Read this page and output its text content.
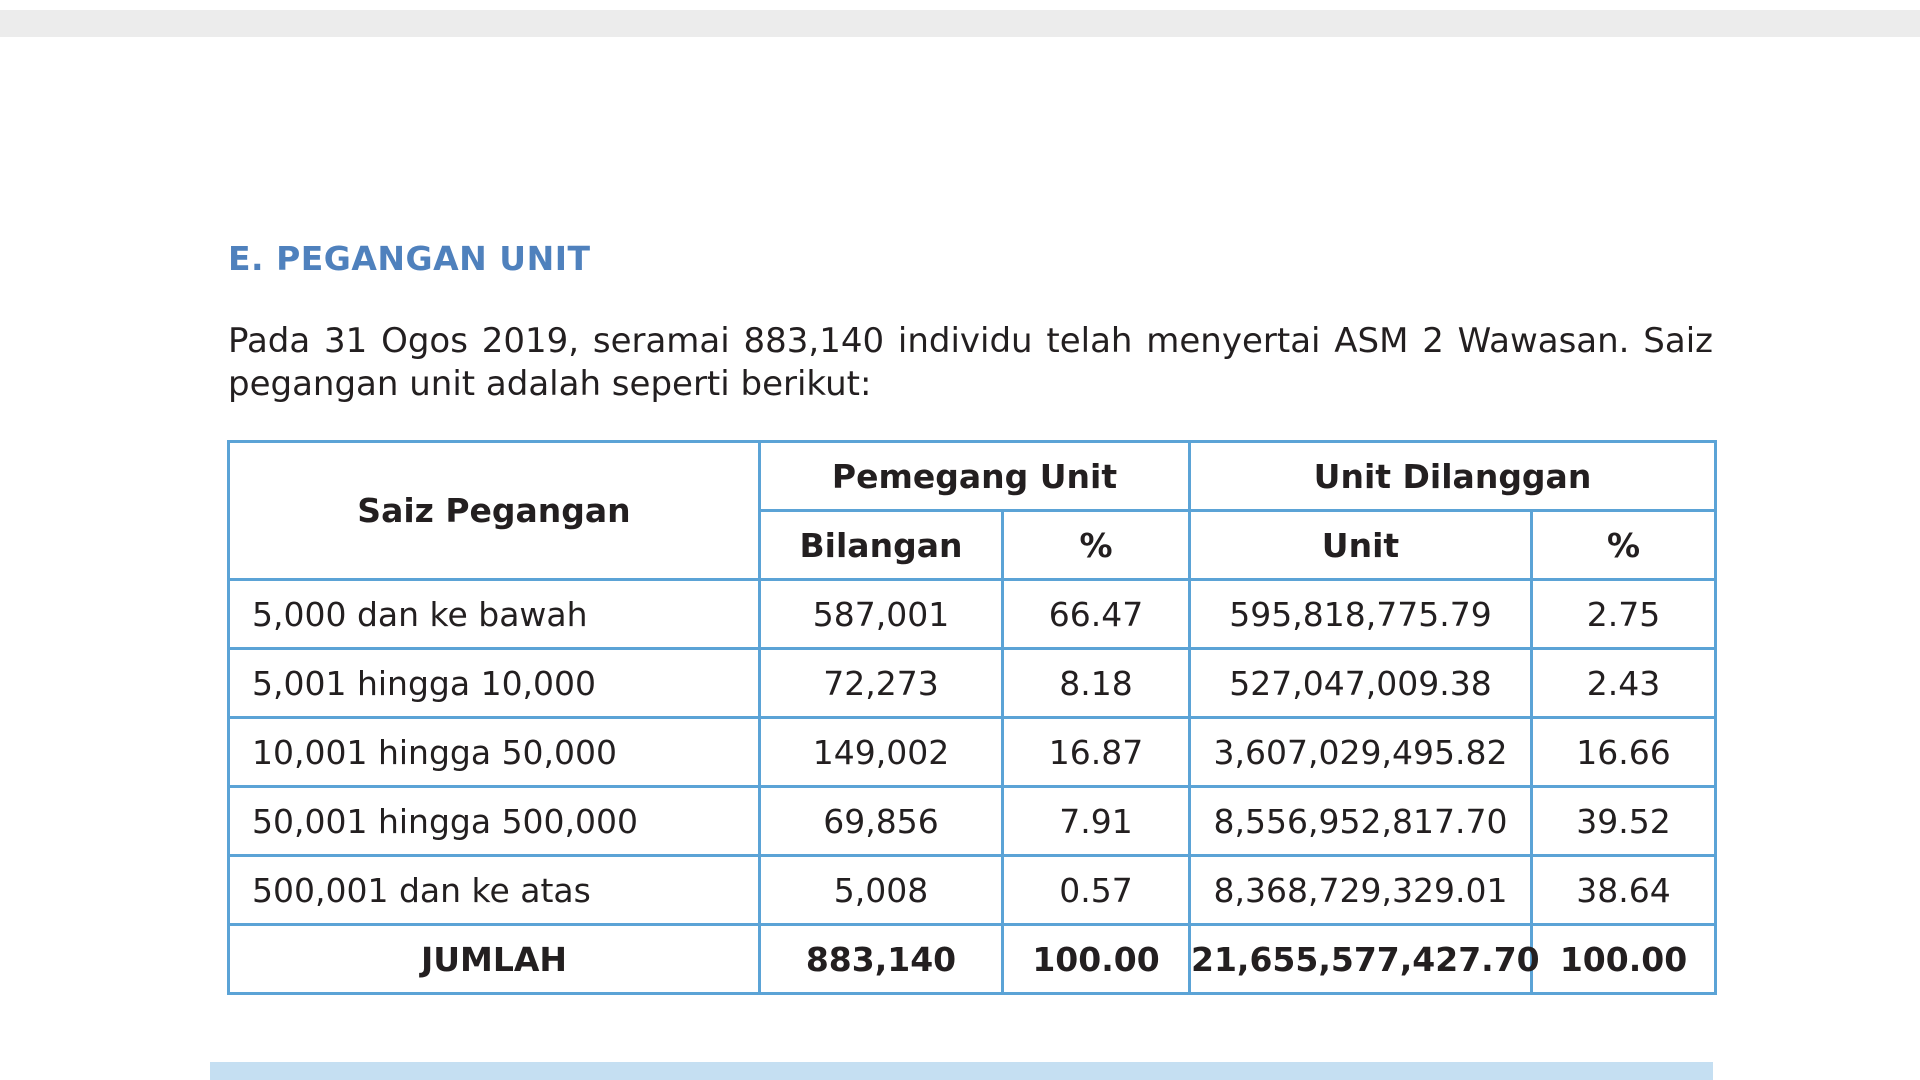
E. PEGANGAN UNIT
Pada 31 Ogos 2019, seramai 883,140 individu telah menyertai ASM 2 Wawasan. Saiz pegangan unit adalah seperti berikut:
Saiz Pegangan	Pemegang Unit		Unit Dilanggan	
	Bilangan	%	Unit	%
5,000 dan ke bawah	587,001	66.47	595,818,775.79	2.75
5,001 hingga 10,000	72,273	8.18	527,047,009.38	2.43
10,001 hingga 50,000	149,002	16.87	3,607,029,495.82	16.66
50,001 hingga 500,000	69,856	7.91	8,556,952,817.70	39.52
500,001 dan ke atas	5,008	0.57	8,368,729,329.01	38.64
JUMLAH	883,140	100.00	21,655,577,427.70	100.00
